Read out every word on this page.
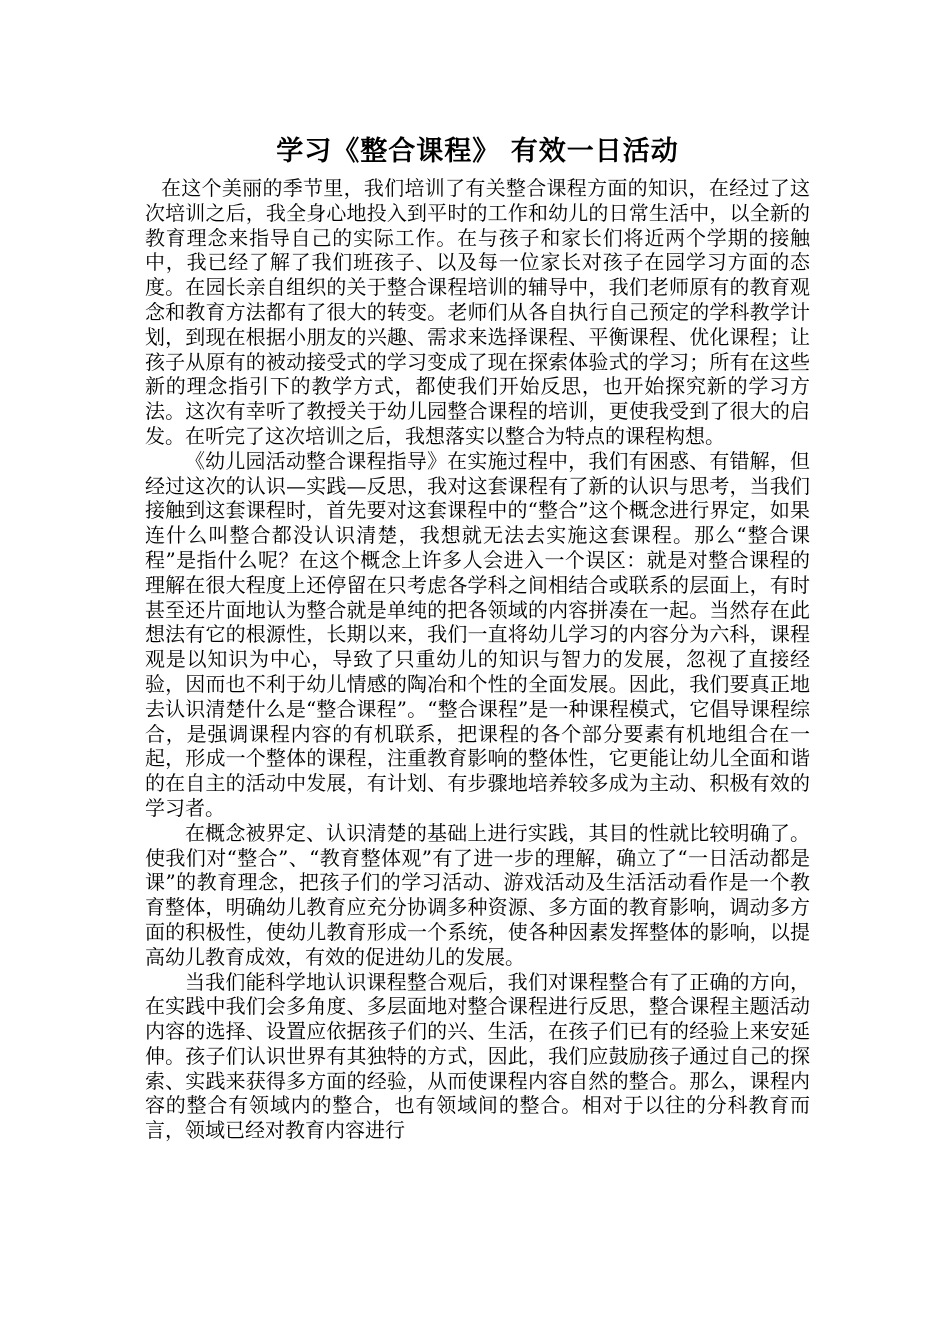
学习《整合课程》 有效一日活动

在这个美丽的季节里，我们培训了有关整合课程方面的知识，在经过了这次培训之后，我全身心地投入到平时的工作和幼儿的日常生活中，以全新的教育理念来指导自己的实际工作。在与孩子和家长们将近两个学期的接触中，我已经了解了我们班孩子、以及每一位家长对孩子在园学习方面的态度。在园长亲自组织的关于整合课程培训的辅导中，我们老师原有的教育观念和教育方法都有了很大的转变。老师们从各自执行自己预定的学科教学计划，到现在根据小朋友的兴趣、需求来选择课程、平衡课程、优化课程；让孩子从原有的被动接受式的学习变成了现在探索体验式的学习；所有在这些新的理念指引下的教学方式，都使我们开始反思，也开始探究新的学习方法。这次有幸听了教授关于幼儿园整合课程的培训，更使我受到了很大的启发。在听完了这次培训之后，我想落实以整合为特点的课程构想。

《幼儿园活动整合课程指导》在实施过程中，我们有困惑、有错解，但经过这次的认识—实践—反思，我对这套课程有了新的认识与思考，当我们接触到这套课程时，首先要对这套课程中的“整合”这个概念进行界定，如果连什么叫整合都没认识清楚，我想就无法去实施这套课程。那么“整合课程”是指什么呢？在这个概念上许多人会进入一个误区：就是对整合课程的理解在很大程度上还停留在只考虑各学科之间相结合或联系的层面上，有时甚至还片面地认为整合就是单纯的把各领域的内容拼凑在一起。当然存在此想法有它的根源性，长期以来，我们一直将幼儿学习的内容分为六科，课程观是以知识为中心，导致了只重幼儿的知识与智力的发展，忽视了直接经验，因而也不利于幼儿情感的陶冶和个性的全面发展。因此，我们要真正地去认识清楚什么是“整合课程”。“整合课程”是一种课程模式，它倡导课程综合，是强调课程内容的有机联系，把课程的各个部分要素有机地组合在一起，形成一个整体的课程，注重教育影响的整体性，它更能让幼儿全面和谐的在自主的活动中发展，有计划、有步骤地培养较多成为主动、积极有效的学习者。

在概念被界定、认识清楚的基础上进行实践，其目的性就比较明确了。使我们对“整合”、“教育整体观”有了进一步的理解，确立了“一日活动都是课”的教育理念，把孩子们的学习活动、游戏活动及生活活动看作是一个教育整体，明确幼儿教育应充分协调多种资源、多方面的教育影响，调动多方面的积极性，使幼儿教育形成一个系统，使各种因素发挥整体的影响，以提高幼儿教育成效，有效的促进幼儿的发展。

当我们能科学地认识课程整合观后，我们对课程整合有了正确的方向，在实践中我们会多角度、多层面地对整合课程进行反思，整合课程主题活动内容的选择、设置应依据孩子们的兴、生活，在孩子们已有的经验上来安延伸。孩子们认识世界有其独特的方式，因此，我们应鼓励孩子通过自己的探索、实践来获得多方面的经验，从而使课程内容自然的整合。那么，课程内容的整合有领域内的整合，也有领域间的整合。相对于以往的分科教育而言，领域已经对教育内容进行
